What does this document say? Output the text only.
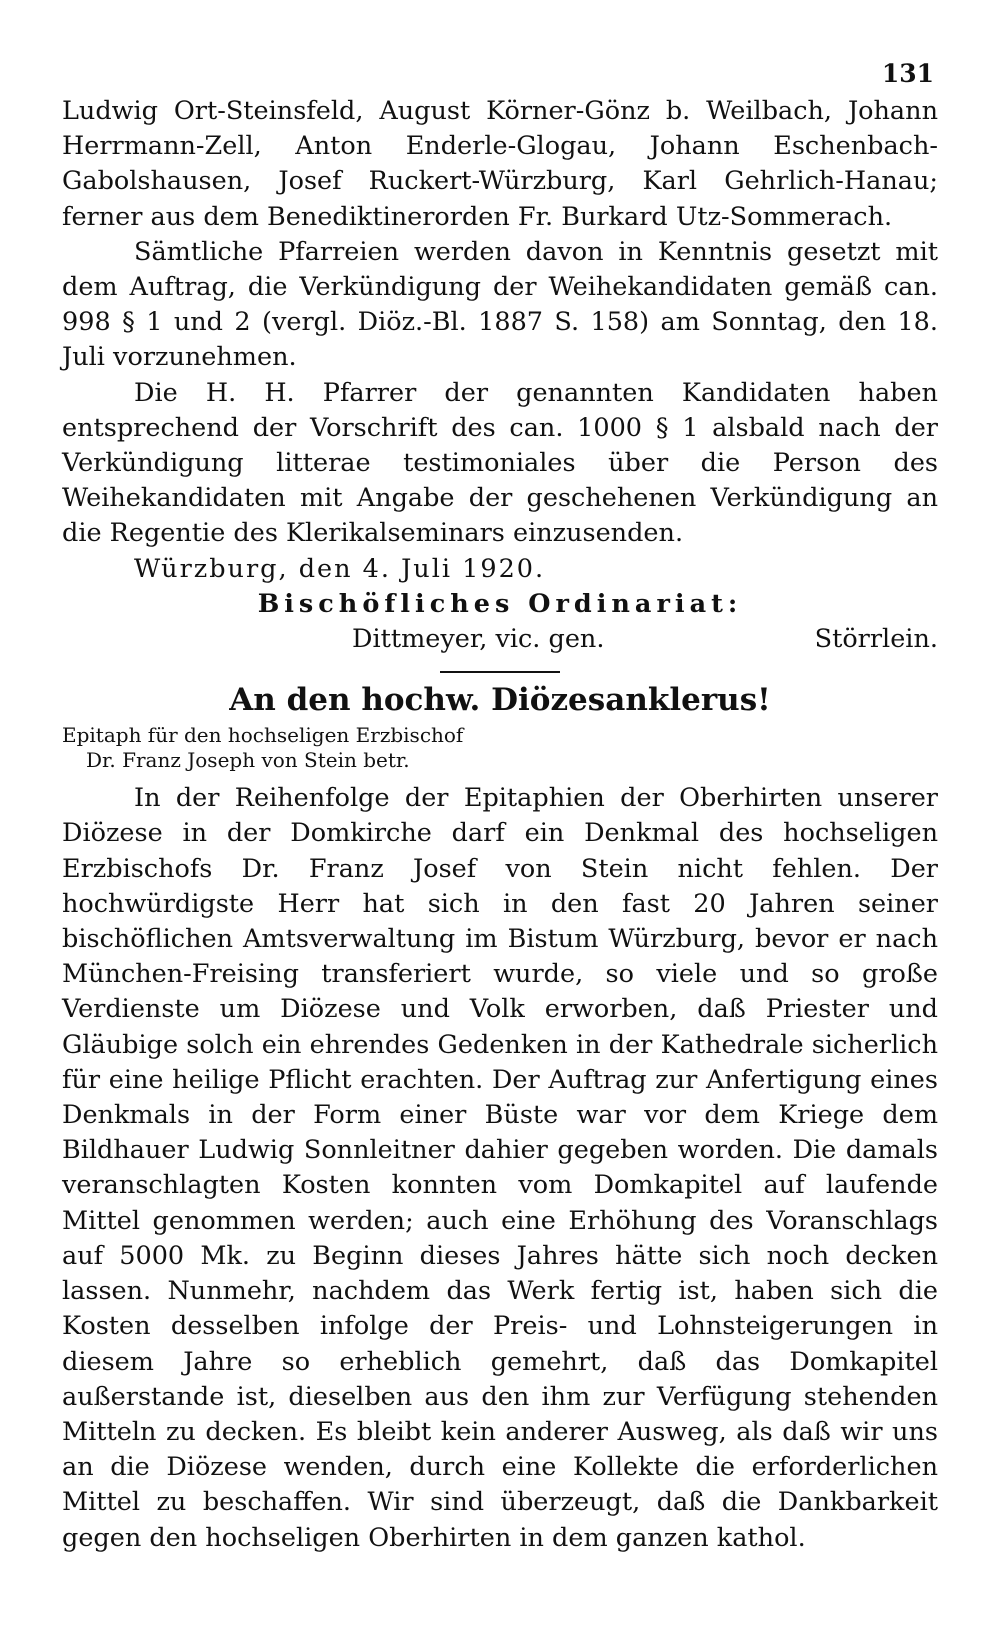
131

Ludwig Ort-Steinsfeld, August Körner-Gönz b. Weilbach, Johann Herrmann-Zell, Anton Enderle-Glogau, Johann Eschenbach-Gabolshausen, Josef Ruckert-Würzburg, Karl Gehrlich-Hanau; ferner aus dem Benediktinerorden Fr. Burkard Utz-Sommerach.

Sämtliche Pfarreien werden davon in Kenntnis gesetzt mit dem Auftrag, die Verkündigung der Weihekandidaten gemäß can. 998 § 1 und 2 (vergl. Diöz.-Bl. 1887 S. 158) am Sonntag, den 18. Juli vorzunehmen.

Die H. H. Pfarrer der genannten Kandidaten haben entsprechend der Vorschrift des can. 1000 § 1 alsbald nach der Verkündigung litterae testimoniales über die Person des Weihekandidaten mit Angabe der geschehenen Verkündigung an die Regentie des Klerikalseminars einzusenden.

Würzburg, den 4. Juli 1920.

Bischöfliches Ordinariat:

Dittmeyer, vic. gen.	Störrlein.
An den hochw. Diözesanklerus!

Epitaph für den hochseligen Erzbischof

Dr. Franz Joseph von Stein betr.

In der Reihenfolge der Epitaphien der Oberhirten unserer Diözese in der Domkirche darf ein Denkmal des hochseligen Erzbischofs Dr. Franz Josef von Stein nicht fehlen. Der hochwürdigste Herr hat sich in den fast 20 Jahren seiner bischöflichen Amtsverwaltung im Bistum Würzburg, bevor er nach München-Freising transferiert wurde, so viele und so große Verdienste um Diözese und Volk erworben, daß Priester und Gläubige solch ein ehrendes Gedenken in der Kathedrale sicherlich für eine heilige Pflicht erachten. Der Auftrag zur Anfertigung eines Denkmals in der Form einer Büste war vor dem Kriege dem Bildhauer Ludwig Sonnleitner dahier gegeben worden. Die damals veranschlagten Kosten konnten vom Domkapitel auf laufende Mittel genommen werden; auch eine Erhöhung des Voranschlags auf 5000 Mk. zu Beginn dieses Jahres hätte sich noch decken lassen. Nunmehr, nachdem das Werk fertig ist, haben sich die Kosten desselben infolge der Preis- und Lohnsteigerungen in diesem Jahre so erheblich gemehrt, daß das Domkapitel außerstande ist, dieselben aus den ihm zur Verfügung stehenden Mitteln zu decken. Es bleibt kein anderer Ausweg, als daß wir uns an die Diözese wenden, durch eine Kollekte die erforderlichen Mittel zu beschaffen. Wir sind überzeugt, daß die Dankbarkeit gegen den hochseligen Oberhirten in dem ganzen kathol.
